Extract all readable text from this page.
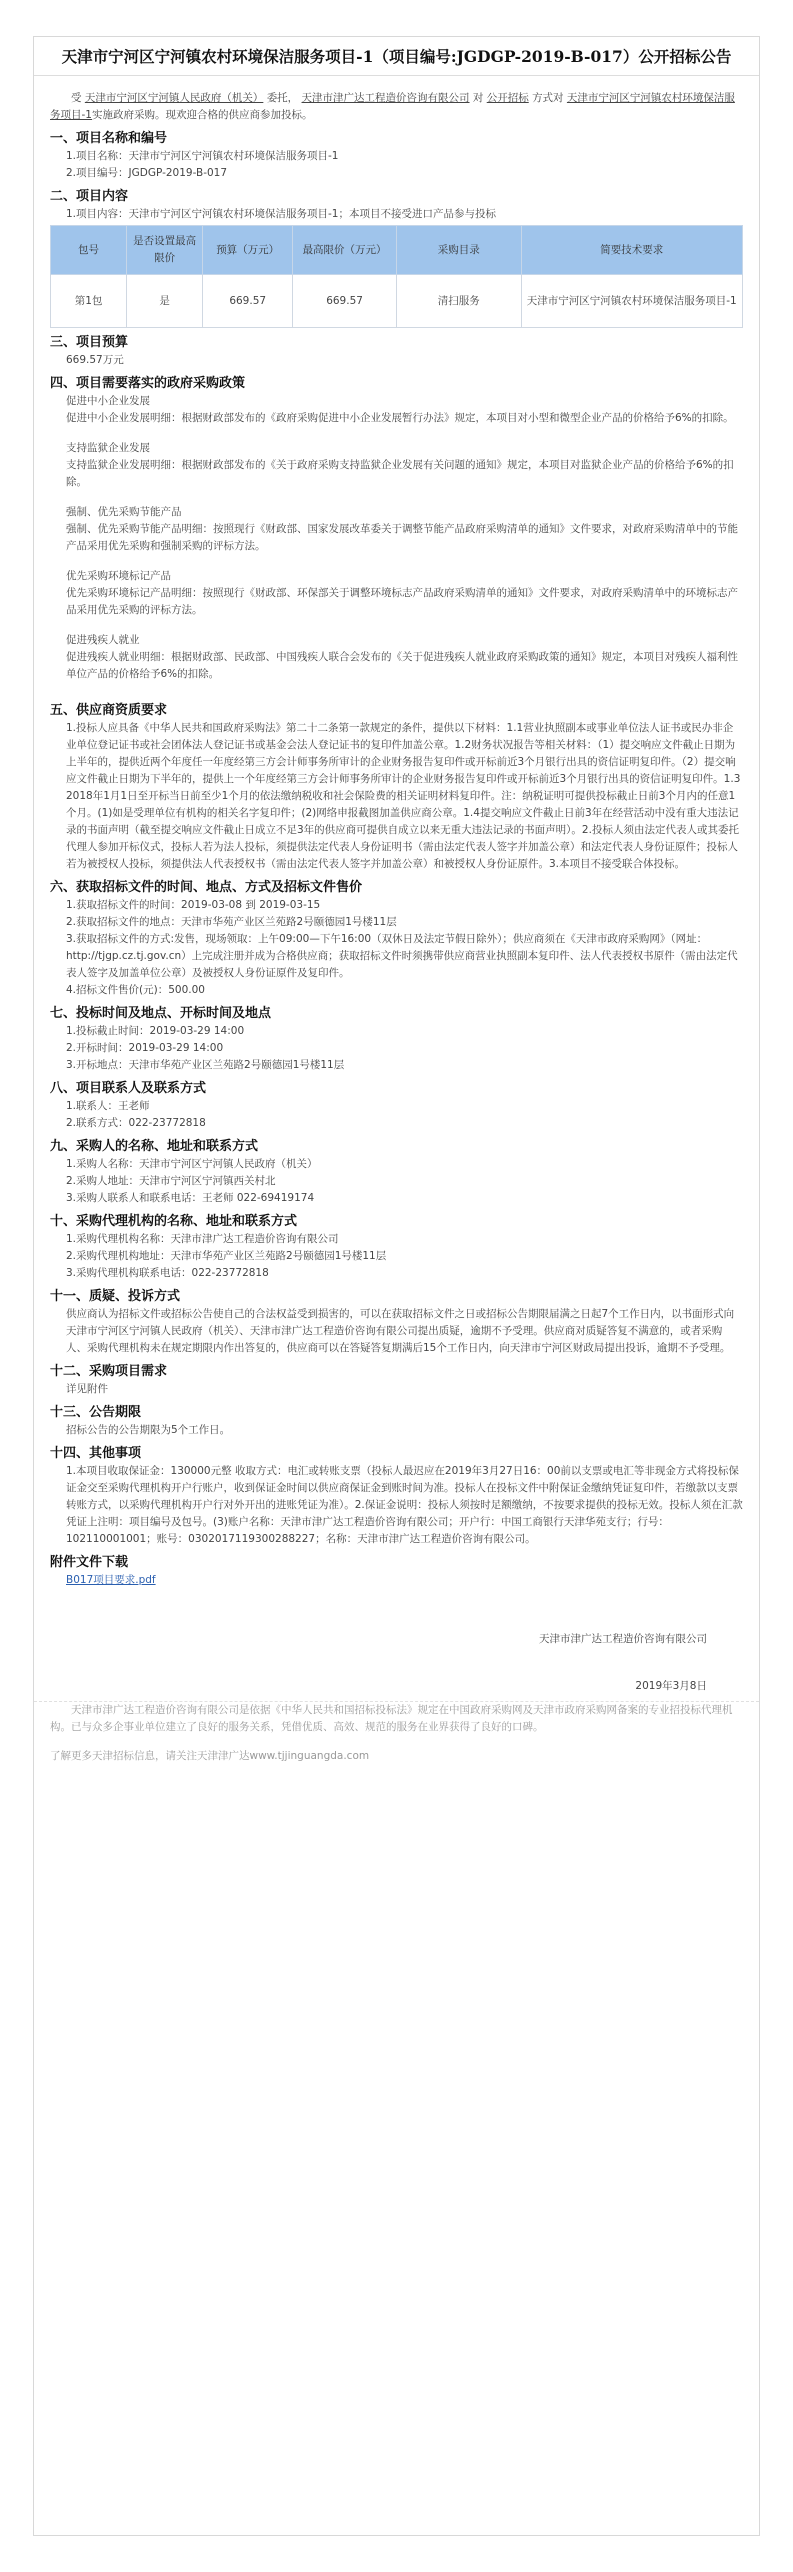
天津市宁河区宁河镇农村环境保洁服务项目-1（项目编号:JGDGP-2019-B-017）公开招标公告

受 天津市宁河区宁河镇人民政府（机关） 委托， 天津市津广达工程造价咨询有限公司 对 公开招标 方式对 天津市宁河区宁河镇农村环境保洁服务项目-1实施政府采购。现欢迎合格的供应商参加投标。

一、项目名称和编号

1.项目名称：天津市宁河区宁河镇农村环境保洁服务项目-1

2.项目编号：JGDGP-2019-B-017

二、项目内容

1.项目内容：天津市宁河区宁河镇农村环境保洁服务项目-1；本项目不接受进口产品参与投标

包号	是否设置最高限价	预算（万元）	最高限价（万元）	采购目录	简要技术要求
第1包	是	669.57	669.57	清扫服务	天津市宁河区宁河镇农村环境保洁服务项目-1
三、项目预算

669.57万元

四、项目需要落实的政府采购政策

促进中小企业发展

促进中小企业发展明细：根据财政部发布的《政府采购促进中小企业发展暂行办法》规定，本项目对小型和微型企业产品的价格给予6%的扣除。

支持监狱企业发展

支持监狱企业发展明细：根据财政部发布的《关于政府采购支持监狱企业发展有关问题的通知》规定，本项目对监狱企业产品的价格给予6%的扣除。

强制、优先采购节能产品

强制、优先采购节能产品明细：按照现行《财政部、国家发展改革委关于调整节能产品政府采购清单的通知》文件要求，对政府采购清单中的节能产品采用优先采购和强制采购的评标方法。

优先采购环境标记产品

优先采购环境标记产品明细：按照现行《财政部、环保部关于调整环境标志产品政府采购清单的通知》文件要求，对政府采购清单中的环境标志产品采用优先采购的评标方法。

促进残疾人就业

促进残疾人就业明细：根据财政部、民政部、中国残疾人联合会发布的《关于促进残疾人就业政府采购政策的通知》规定，本项目对残疾人福利性单位产品的价格给予6%的扣除。

五、供应商资质要求

1.投标人应具备《中华人民共和国政府采购法》第二十二条第一款规定的条件，提供以下材料：1.1营业执照副本或事业单位法人证书或民办非企业单位登记证书或社会团体法人登记证书或基金会法人登记证书的复印件加盖公章。1.2财务状况报告等相关材料：（1）提交响应文件截止日期为上半年的，提供近两个年度任一年度经第三方会计师事务所审计的企业财务报告复印件或开标前近3个月银行出具的资信证明复印件。（2）提交响应文件截止日期为下半年的，提供上一个年度经第三方会计师事务所审计的企业财务报告复印件或开标前近3个月银行出具的资信证明复印件。1.3 2018年1月1日至开标当日前至少1个月的依法缴纳税收和社会保险费的相关证明材料复印件。注：纳税证明可提供投标截止日前3个月内的任意1个月。(1)如是受理单位有机构的相关名字复印件；(2)网络申报截图加盖供应商公章。1.4提交响应文件截止日前3年在经营活动中没有重大违法记录的书面声明（截至提交响应文件截止日成立不足3年的供应商可提供自成立以来无重大违法记录的书面声明）。2.投标人须由法定代表人或其委托代理人参加开标仪式，投标人若为法人投标，须提供法定代表人身份证明书（需由法定代表人签字并加盖公章）和法定代表人身份证原件；投标人若为被授权人投标，须提供法人代表授权书（需由法定代表人签字并加盖公章）和被授权人身份证原件。3.本项目不接受联合体投标。

六、获取招标文件的时间、地点、方式及招标文件售价

1.获取招标文件的时间：2019-03-08 到 2019-03-15

2.获取招标文件的地点：天津市华苑产业区兰苑路2号颐德园1号楼11层

3.获取招标文件的方式:发售，现场领取：上午09:00—下午16:00（双休日及法定节假日除外）；供应商须在《天津市政府采购网》（网址：http://tjgp.cz.tj.gov.cn）上完成注册并成为合格供应商；获取招标文件时须携带供应商营业执照副本复印件、法人代表授权书原件（需由法定代表人签字及加盖单位公章）及被授权人身份证原件及复印件。

4.招标文件售价(元)：500.00

七、投标时间及地点、开标时间及地点

1.投标截止时间：2019-03-29 14:00

2.开标时间：2019-03-29 14:00

3.开标地点：天津市华苑产业区兰苑路2号颐德园1号楼11层

八、项目联系人及联系方式

1.联系人：王老师

2.联系方式：022-23772818

九、采购人的名称、地址和联系方式

1.采购人名称：天津市宁河区宁河镇人民政府（机关）

2.采购人地址：天津市宁河区宁河镇西关村北

3.采购人联系人和联系电话：王老师 022-69419174

十、采购代理机构的名称、地址和联系方式

1.采购代理机构名称：天津市津广达工程造价咨询有限公司

2.采购代理机构地址：天津市华苑产业区兰苑路2号颐德园1号楼11层

3.采购代理机构联系电话：022-23772818

十一、质疑、投诉方式

供应商认为招标文件或招标公告使自己的合法权益受到损害的，可以在获取招标文件之日或招标公告期限届满之日起7个工作日内，以书面形式向天津市宁河区宁河镇人民政府（机关）、天津市津广达工程造价咨询有限公司提出质疑，逾期不予受理。供应商对质疑答复不满意的，或者采购人、采购代理机构未在规定期限内作出答复的，供应商可以在答疑答复期满后15个工作日内，向天津市宁河区财政局提出投诉，逾期不予受理。

十二、采购项目需求

详见附件

十三、公告期限

招标公告的公告期限为5个工作日。

十四、其他事项

1.本项目收取保证金：130000元整 收取方式：电汇或转账支票（投标人最迟应在2019年3月27日16：00前以支票或电汇等非现金方式将投标保证金交至采购代理机构开户行账户，收到保证金时间以供应商保证金到账时间为准。投标人在投标文件中附保证金缴纳凭证复印件，若缴款以支票转账方式，以采购代理机构开户行对外开出的进账凭证为准）。2.保证金说明：投标人须按时足额缴纳，不按要求提供的投标无效。投标人须在汇款凭证上注明：项目编号及包号。(3)账户名称：天津市津广达工程造价咨询有限公司；开户行：中国工商银行天津华苑支行；行号：102110001001；账号：0302017119300288227；名称：天津市津广达工程造价咨询有限公司。

附件文件下载

B017项目要求.pdf

天津市津广达工程造价咨询有限公司

2019年3月8日

天津市津广达工程造价咨询有限公司是依据《中华人民共和国招标投标法》规定在中国政府采购网及天津市政府采购网备案的专业招投标代理机构。已与众多企事业单位建立了良好的服务关系，凭借优质、高效、规范的服务在业界获得了良好的口碑。

了解更多天津招标信息，请关注天津津广达www.tjjinguangda.com
